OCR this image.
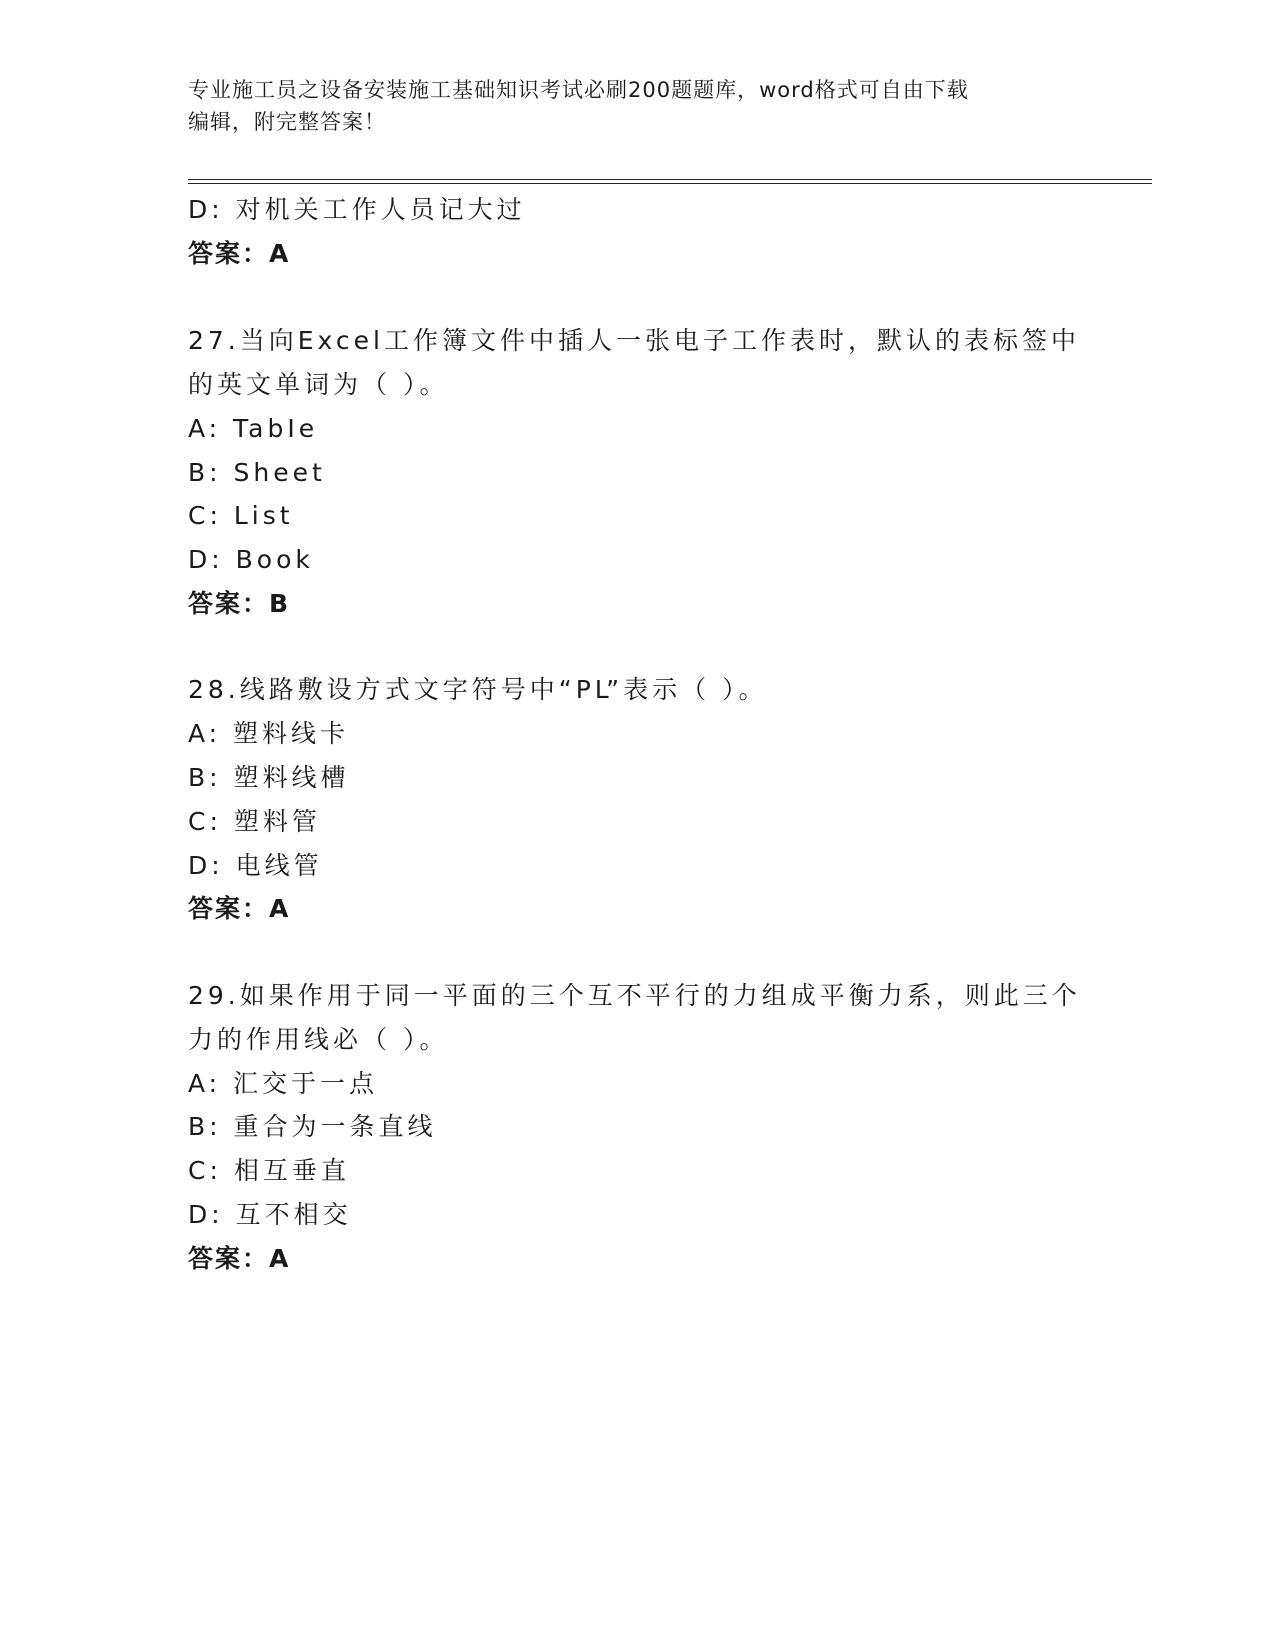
专业施工员之设备安装施工基础知识考试必刷200题题库，word格式可自由下载
编辑，附完整答案！
D: 对机关工作人员记大过
答案：A
27.当向Excel工作簿文件中插人一张电子工作表时，默认的表标签中
的英文单词为（ ）。
A: TabIe
B: Sheet
C: List
D: Book
答案：B
28.线路敷设方式文字符号中“PL”表示（ ）。
A: 塑料线卡
B: 塑料线槽
C: 塑料管
D: 电线管
答案：A
29.如果作用于同一平面的三个互不平行的力组成平衡力系，则此三个
力的作用线必（ ）。
A: 汇交于一点
B: 重合为一条直线
C: 相互垂直
D: 互不相交
答案：A
